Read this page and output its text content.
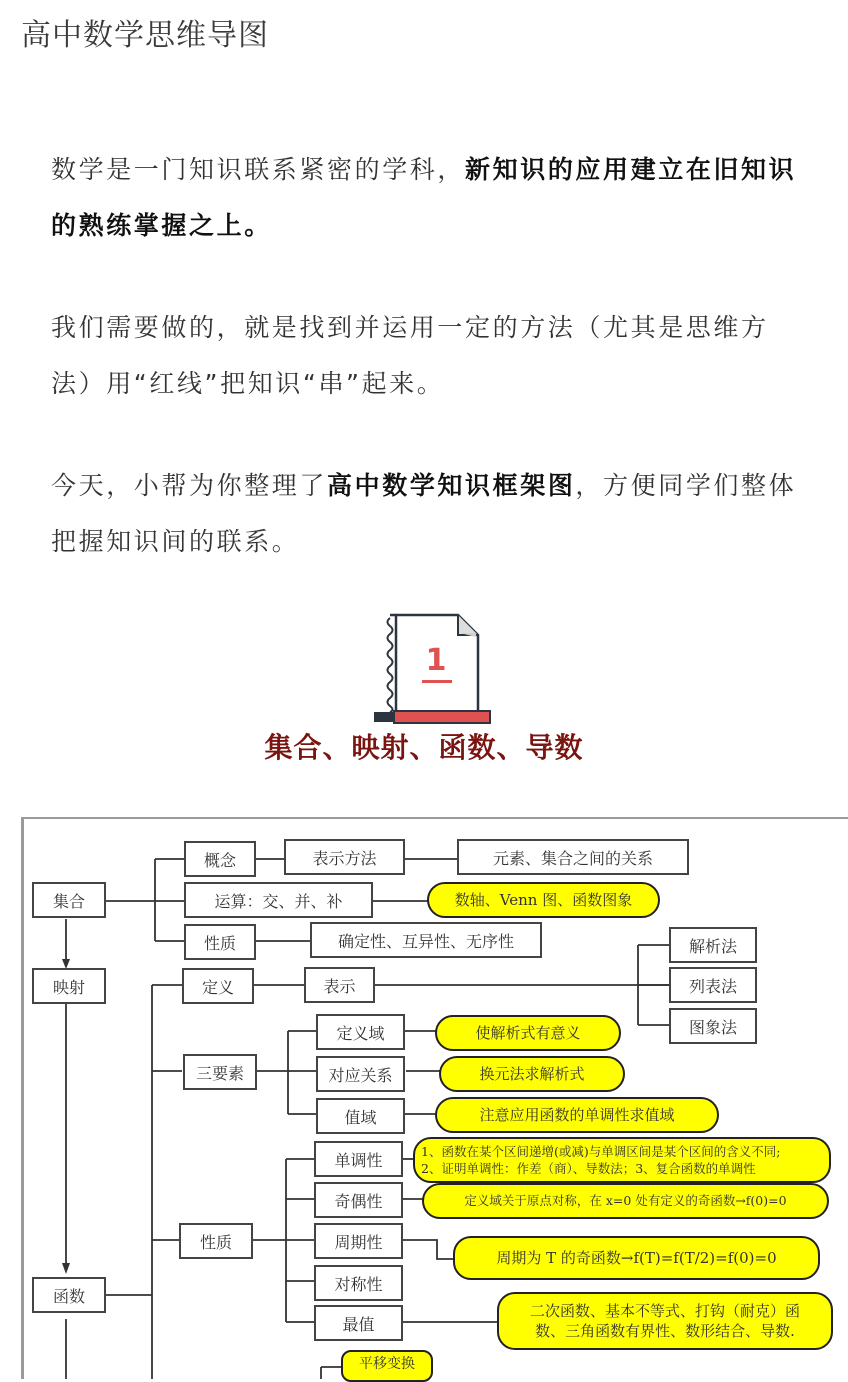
高中数学思维导图
数学是一门知识联系紧密的学科，新知识的应用建立在旧知识的熟练掌握之上。
我们需要做的，就是找到并运用一定的方法（尤其是思维方法）用“红线”把知识“串”起来。
今天，小帮为你整理了高中数学知识框架图，方便同学们整体把握知识间的联系。
1
集合、映射、函数、导数
集合
映射
函数
概念	表示方法	元素、集合之间的关系
运算：交、并、补	数轴、Venn 图、函数图象
性质	确定性、互异性、无序性
定义	表示
解析法
列表法
图象法
三要素
定义域	使解析式有意义
对应关系	换元法求解析式
值域	注意应用函数的单调性求值域
性质
单调性	1、函数在某个区间递增(或减)与单调区间是某个区间的含义不同;
2、证明单调性：作差（商）、导数法；3、复合函数的单调性
奇偶性	定义域关于原点对称，在 x=0 处有定义的奇函数→f(0)=0
周期性
周期为 T 的奇函数→f(T)=f(T/2)=f(0)=0
对称性
最值
二次函数、基本不等式、打钩（耐克）函
数、三角函数有界性、数形结合、导数.
平移变换
